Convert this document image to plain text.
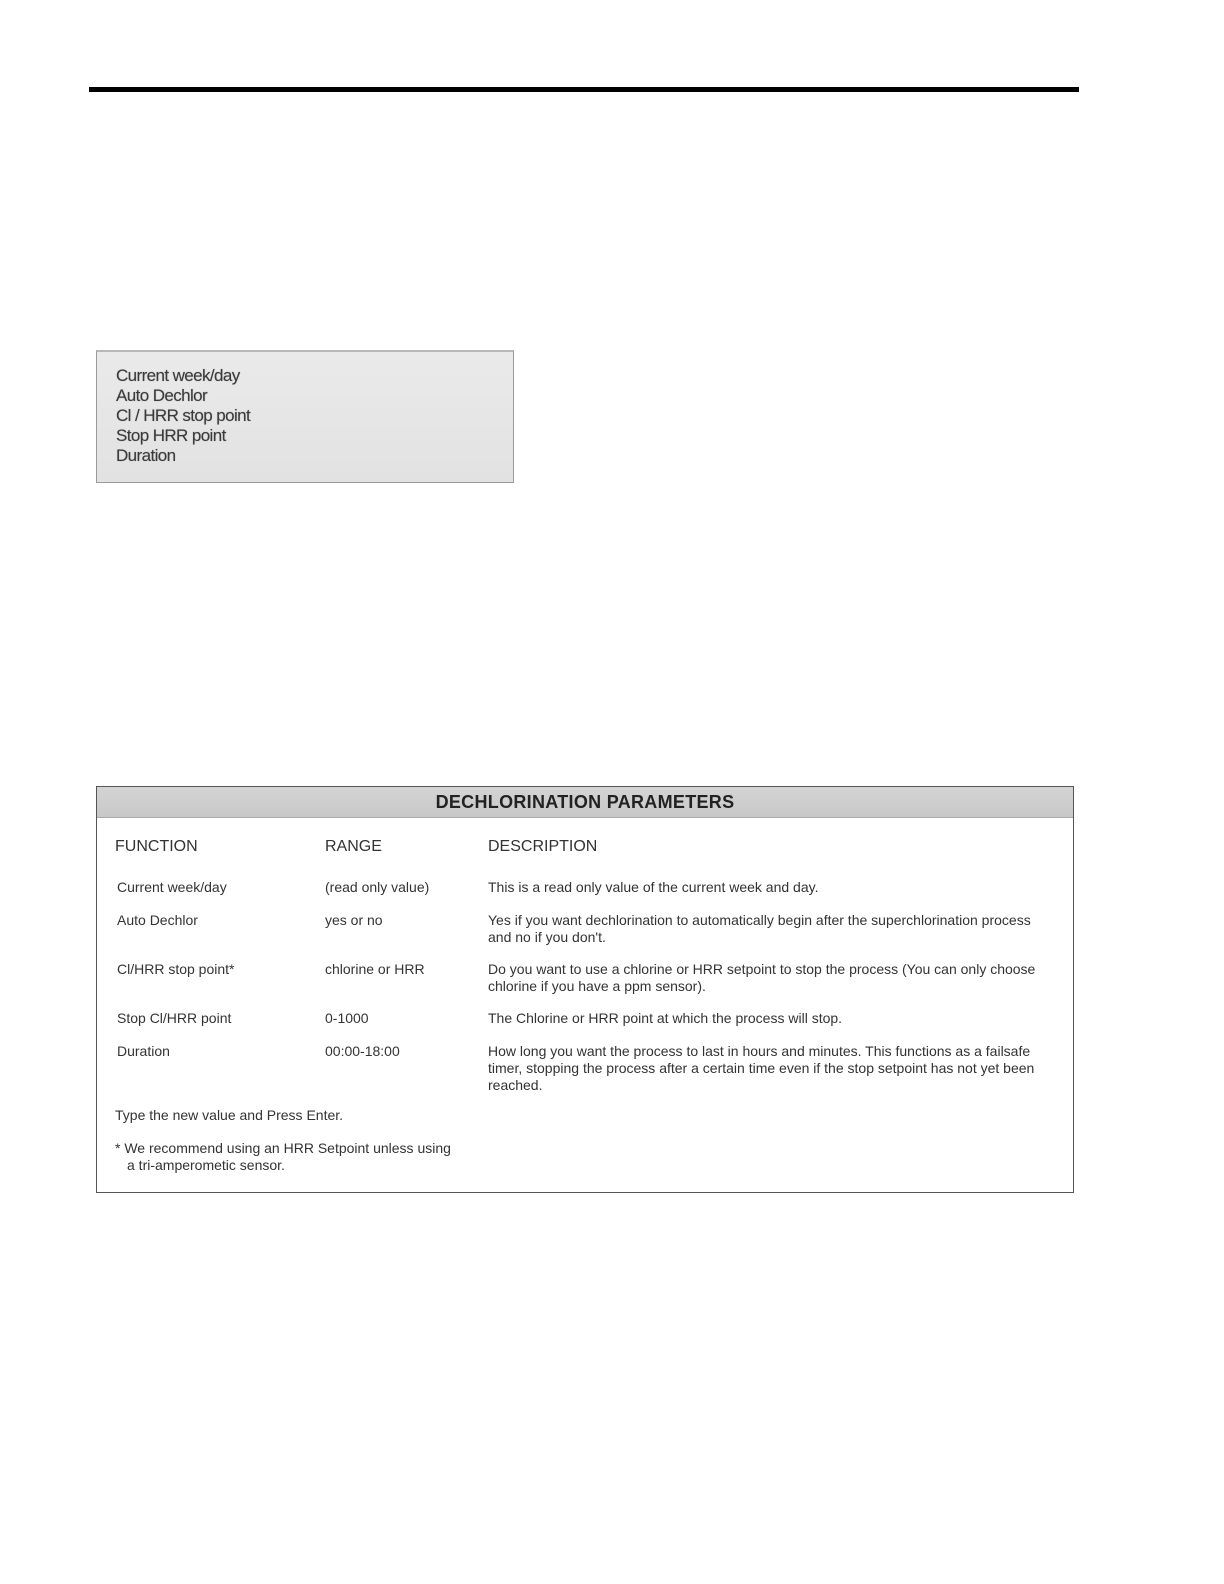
Current week/day
Auto Dechlor
Cl / HRR stop point
Stop HRR point
Duration
DECHLORINATION PARAMETERS
FUNCTION	RANGE	DESCRIPTION
Current week/day	(read only value)	This is a read only value of the current week and day.
Auto Dechlor	yes or no	Yes if you want dechlorination to automatically begin after the superchlorination process and no if you don't.
Cl/HRR stop point*	chlorine or HRR	Do you want to use a chlorine or HRR setpoint to stop the process (You can only choose chlorine if you have a ppm sensor).
Stop Cl/HRR point	0-1000	The Chlorine or HRR point at which the process will stop.
Duration	00:00-18:00	How long you want the process to last in hours and minutes. This functions as a failsafe timer, stopping the process after a certain time even if the stop setpoint has not yet been reached.
Type the new value and Press Enter.
* We recommend using an HRR Setpoint unless using a tri-amperometic sensor.
